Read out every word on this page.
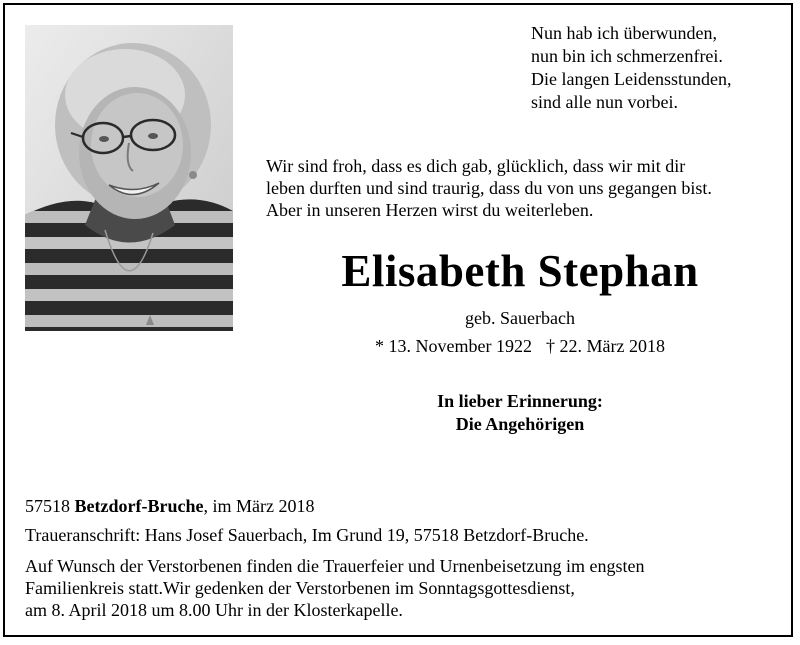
Nun hab ich überwunden,
nun bin ich schmerzenfrei.
Die langen Leidensstunden,
sind alle nun vorbei.
Wir sind froh, dass es dich gab, glücklich, dass wir mit dir
leben durften und sind traurig, dass du von uns gegangen bist.
Aber in unseren Herzen wirst du weiterleben.
Elisabeth Stephan
geb. Sauerbach
* 13. November 1922 † 22. März 2018
In lieber Erinnerung:
Die Angehörigen
57518 Betzdorf-Bruche, im März 2018
Traueranschrift: Hans Josef Sauerbach, Im Grund 19, 57518 Betzdorf-Bruche.
Auf Wunsch der Verstorbenen finden die Trauerfeier und Urnenbeisetzung im engsten
Familienkreis statt.Wir gedenken der Verstorbenen im Sonntagsgottesdienst,
am 8. April 2018 um 8.00 Uhr in der Klosterkapelle.
